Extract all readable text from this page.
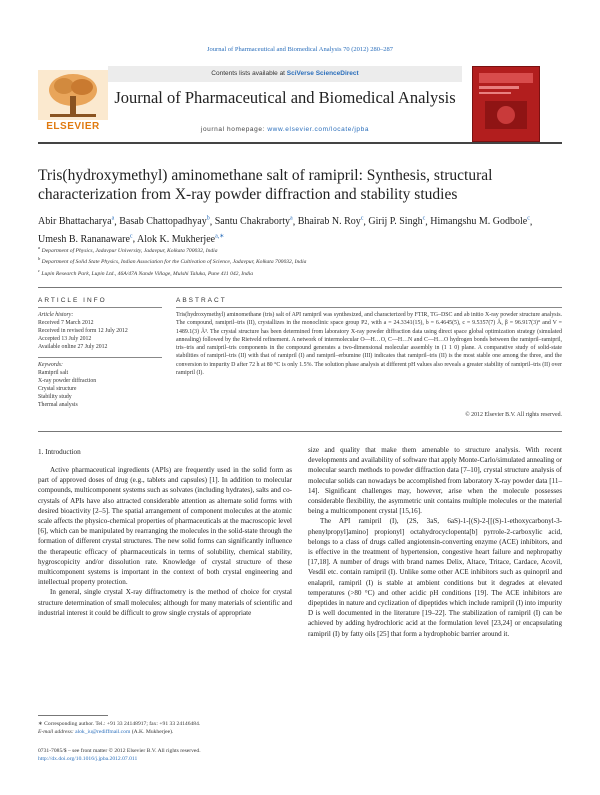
Journal of Pharmaceutical and Biomedical Analysis 70 (2012) 280–287
ELSEVIER
Contents lists available at SciVerse ScienceDirect
Journal of Pharmaceutical and Biomedical Analysis
journal homepage: www.elsevier.com/locate/jpba
Tris(hydroxymethyl) aminomethane salt of ramipril: Synthesis, structural
characterization from X-ray powder diffraction and stability studies
Abir Bhattacharya$^a$, Basab Chattopadhyay$^b$, Santu Chakraborty$^a$, Bhairab N. Roy$^c$, Girij P. Singh$^c$, Himangshu M. Godbole$^c$, Umesh B. Rananaware$^c$, Alok K. Mukherjee$^{a,∗}$
$^a$ Department of Physics, Jadavpur University, Jadavpur, Kolkata 700032, India
$^b$ Department of Solid State Physics, Indian Association for the Cultivation of Science, Jadavpur, Kolkata 700032, India
$^c$ Lupin Research Park, Lupin Ltd., 46A/47A Nande Village, Mulshi Taluka, Pune 411 042, India
ARTICLE INFO
Article history:
Received 7 March 2012
Received in revised form 12 July 2012
Accepted 13 July 2012
Available online 27 July 2012
Keywords:
Ramipril salt
X-ray powder diffraction
Crystal structure
Stability study
Thermal analysis
ABSTRACT
Tris(hydroxymethyl) aminomethane (tris) salt of API ramipril was synthesized, and characterized by FTIR, TG–DSC and ab initio X-ray powder structure analysis. The compound, ramipril–tris (II), crystallizes in the monoclinic space group P2₁ with a = 24.3341(15), b = 6.4645(5), c = 9.5357(7) Å, β = 96.917(3)° and V = 1489.1(3) Å³. The crystal structure has been determined from laboratory X-ray powder diffraction data using direct space global optimization strategy (simulated annealing) followed by the Rietveld refinement. A network of intermolecular O—H…O, C—H…N and C—H…O hydrogen bonds between the ramipril–ramipril, tris–tris and ramipril–tris components in the compound generates a two-dimensional molecular assembly in (1 1 0) plane. A comparative study of solid-state stabilities of ramipril–tris (II) with that of ramipril (I) and ramipril–erbumine (III) indicates that ramipril–tris (II) is the most stable one among the three, and the conversion to impurity D after 72 h at 80 °C is only 1.5%. The solution phase analysis at different pH values also reveals a greater stability of ramipril–tris (II) over ramipril (I).
© 2012 Elsevier B.V. All rights reserved.
1. Introduction

Active pharmaceutical ingredients (APIs) are frequently used in the solid form as part of approved doses of drug (e.g., tablets and capsules) [1]. In addition to molecular compounds, multicomponent systems such as solvates (including hydrates), salts and co-crystals of APIs have also attracted considerable attention as alternate solid forms with desired bioactivity [2–5]. The spatial arrangement of component molecules at the atomic scale affects the physico-chemical properties of pharmaceuticals at the macroscopic level [6], which can be manipulated by rearranging the molecules in the solid-state through the formation of different crystal structures. The new solid forms can significantly influence the therapeutic efficacy of pharmaceuticals in terms of solubility, chemical stability, hygroscopicity and/or dissolution rate. Knowledge of crystal structure of these multicomponent systems is important in the context of both crystal engineering and intellectual property protection.

In general, single crystal X-ray diffractometry is the method of choice for crystal structure determination of small molecules; although for many materials of scientific and industrial interest it could be difficult to grow single crystals of appropriate

size and quality that make them amenable to structure analysis. With recent developments and availability of software that apply Monte-Carlo/simulated annealing or molecular search methods to powder diffraction data [7–10], crystal structure analysis of molecular solids can nowadays be accomplished from laboratory X-ray powder data [11–14]. Significant challenges may, however, arise when the molecule possesses considerable flexibility, the asymmetric unit contains multiple molecules or the material being a multicomponent crystal [15,16].

The API ramipril (I), (2S, 3aS, 6aS)-1-[(S)-2-[[(S)-1-ethoxycarbonyl-3-phenylpropyl]amino] propionyl] octahydrocyclopenta[b] pyrrole-2-carboxylic acid, belongs to a class of drugs called angiotensin-converting enzyme (ACE) inhibitors, and is effective in the treatment of hypertension, congestive heart failure and nephropathy [17,18]. A number of drugs with brand names Delix, Altace, Tritace, Cardace, Acovil, Vesdil etc. contain ramipril (I). Unlike some other ACE inhibitors such as quinopril and enalapril, ramipril (I) is stable at ambient conditions but it degrades at elevated temperatures (>80 °C) and other acidic pH conditions [19]. The ACE inhibitors are dipeptides in nature and cyclization of dipeptides which include ramipril (I) into impurity D is well documented in the literature [19–22]. The stabilization of ramipril (I) can be achieved by adding hydrochloric acid at the formulation level [23,24] or encapsulating ramipril (I) by fatty oils [25] that form a hydrophobic barrier around it.

∗ Corresponding author. Tel.: +91 33 24148917; fax: +91 33 24146484.
E-mail address: alok_iu@rediffmail.com (A.K. Mukherjee).
0731-7085/$ – see front matter © 2012 Elsevier B.V. All rights reserved.
http://dx.doi.org/10.1016/j.jpba.2012.07.011
